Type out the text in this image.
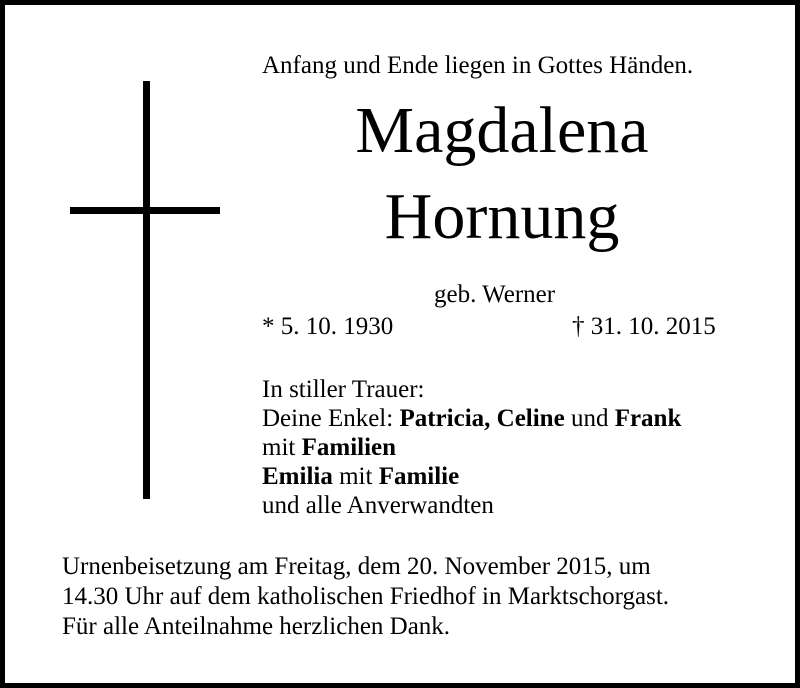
Anfang und Ende liegen in Gottes Händen.
Magdalena
Hornung
geb. Werner
* 5. 10. 1930	† 31. 10. 2015
In stiller Trauer:
Deine Enkel: Patricia, Celine und Frank
mit Familien
Emilia mit Familie
und alle Anverwandten
Urnenbeisetzung am Freitag, dem 20. November 2015, um
14.30 Uhr auf dem katholischen Friedhof in Marktschorgast.
Für alle Anteilnahme herzlichen Dank.
